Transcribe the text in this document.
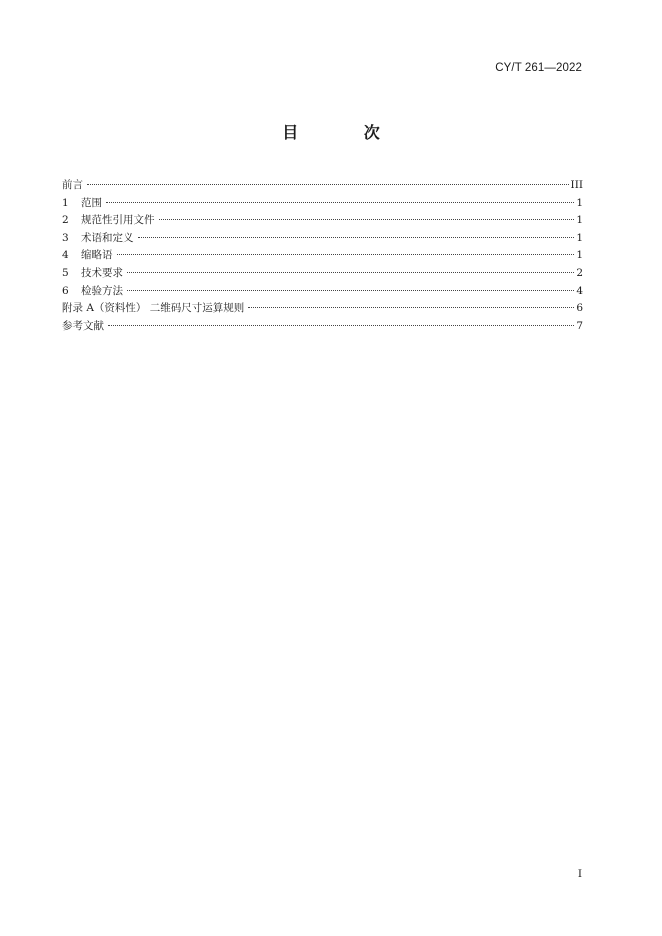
CY/T 261—2022
目 次
前言	III
1	范围	1
2	规范性引用文件	1
3	术语和定义	1
4	缩略语	1
5	技术要求	2
6	检验方法	4
附录 A（资料性） 二维码尺寸运算规则	6
参考文献	7
I
